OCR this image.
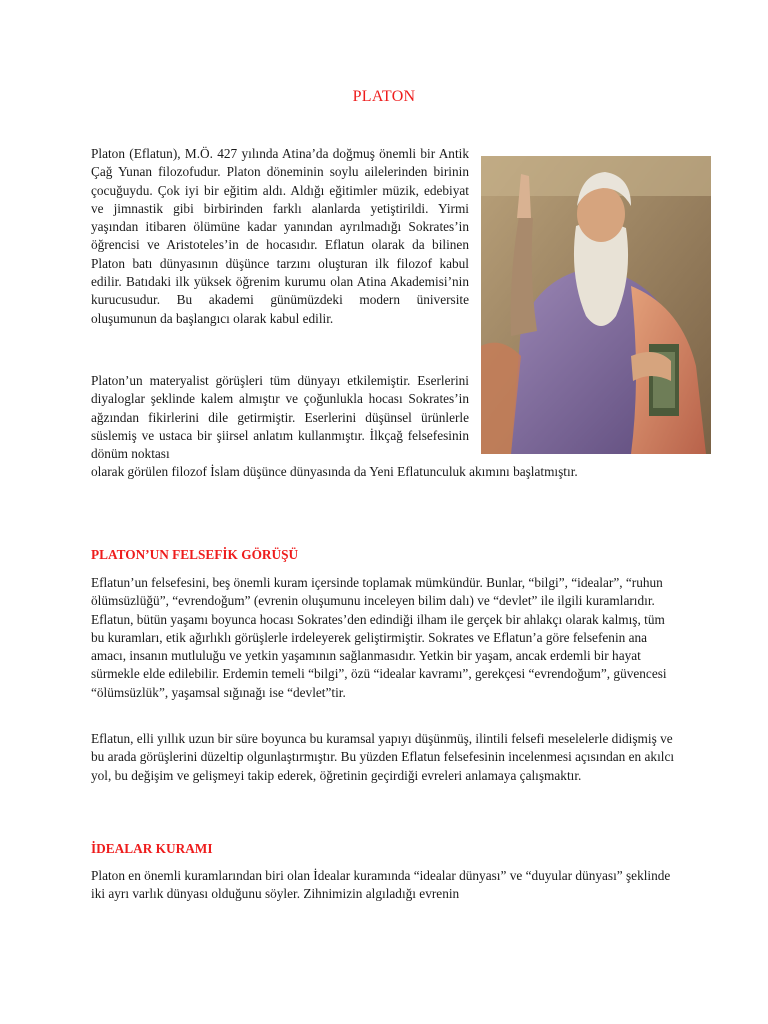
PLATON

Platon (Eflatun), M.Ö. 427 yılında Atina’da doğmuş önemli bir Antik Çağ Yunan filozofudur. Platon döneminin soylu ailelerinden birinin çocuğuydu. Çok iyi bir eğitim aldı. Aldığı eğitimler müzik, edebiyat ve jimnastik gibi birbirinden farklı alanlarda yetiştirildi. Yirmi yaşından itibaren ölümüne kadar yanından ayrılmadığı Sokrates’in öğrencisi ve Aristoteles’in de hocasıdır. Eflatun olarak da bilinen Platon batı dünyasının düşünce tarzını oluşturan ilk filozof kabul edilir. Batıdaki ilk yüksek öğrenim kurumu olan Atina Akademisi’nin kurucusudur. Bu akademi günümüzdeki modern üniversite oluşumunun da başlangıcı olarak kabul edilir.

Platon’un materyalist görüşleri tüm dünyayı etkilemiştir. Eserlerini diyaloglar şeklinde kalem almıştır ve çoğunlukla hocası Sokrates’in ağzından fikirlerini dile getirmiştir. Eserlerini düşünsel ürünlerle süslemiş ve ustaca bir şiirsel anlatım kullanmıştır. İlkçağ felsefesinin dönüm noktası

olarak görülen filozof İslam düşünce dünyasında da Yeni Eflatunculuk akımını başlatmıştır.

PLATON’UN FELSEFİK GÖRÜŞÜ

Eflatun’un felsefesini, beş önemli kuram içersinde toplamak mümkündür. Bunlar, “bilgi”, “idealar”, “ruhun ölümsüzlüğü”, “evrendoğum” (evrenin oluşumunu inceleyen bilim dalı) ve “devlet” ile ilgili kuramlarıdır. Eflatun, bütün yaşamı boyunca hocası Sokrates’den edindiği ilham ile gerçek bir ahlakçı olarak kalmış, tüm bu kuramları, etik ağırlıklı görüşlerle irdeleyerek geliştirmiştir. Sokrates ve Eflatun’a göre felsefenin ana amacı, insanın mutluluğu ve yetkin yaşamının sağlanmasıdır. Yetkin bir yaşam, ancak erdemli bir hayat sürmekle elde edilebilir. Erdemin temeli “bilgi”, özü “idealar kavramı”, gerekçesi “evrendoğum”, güvencesi “ölümsüzlük”, yaşamsal sığınağı ise “devlet”tir.

Eflatun, elli yıllık uzun bir süre boyunca bu kuramsal yapıyı düşünmüş, ilintili felsefi meselelerle didişmiş ve bu arada görüşlerini düzeltip olgunlaştırmıştır. Bu yüzden Eflatun felsefesinin incelenmesi açısından en akılcı yol, bu değişim ve gelişmeyi takip ederek, öğretinin geçirdiği evreleri anlamaya çalışmaktır.

İDEALAR KURAMI

Platon en önemli kuramlarından biri olan İdealar kuramında “idealar dünyası” ve “duyular dünyası” şeklinde iki ayrı varlık dünyası olduğunu söyler. Zihnimizin algıladığı evrenin
